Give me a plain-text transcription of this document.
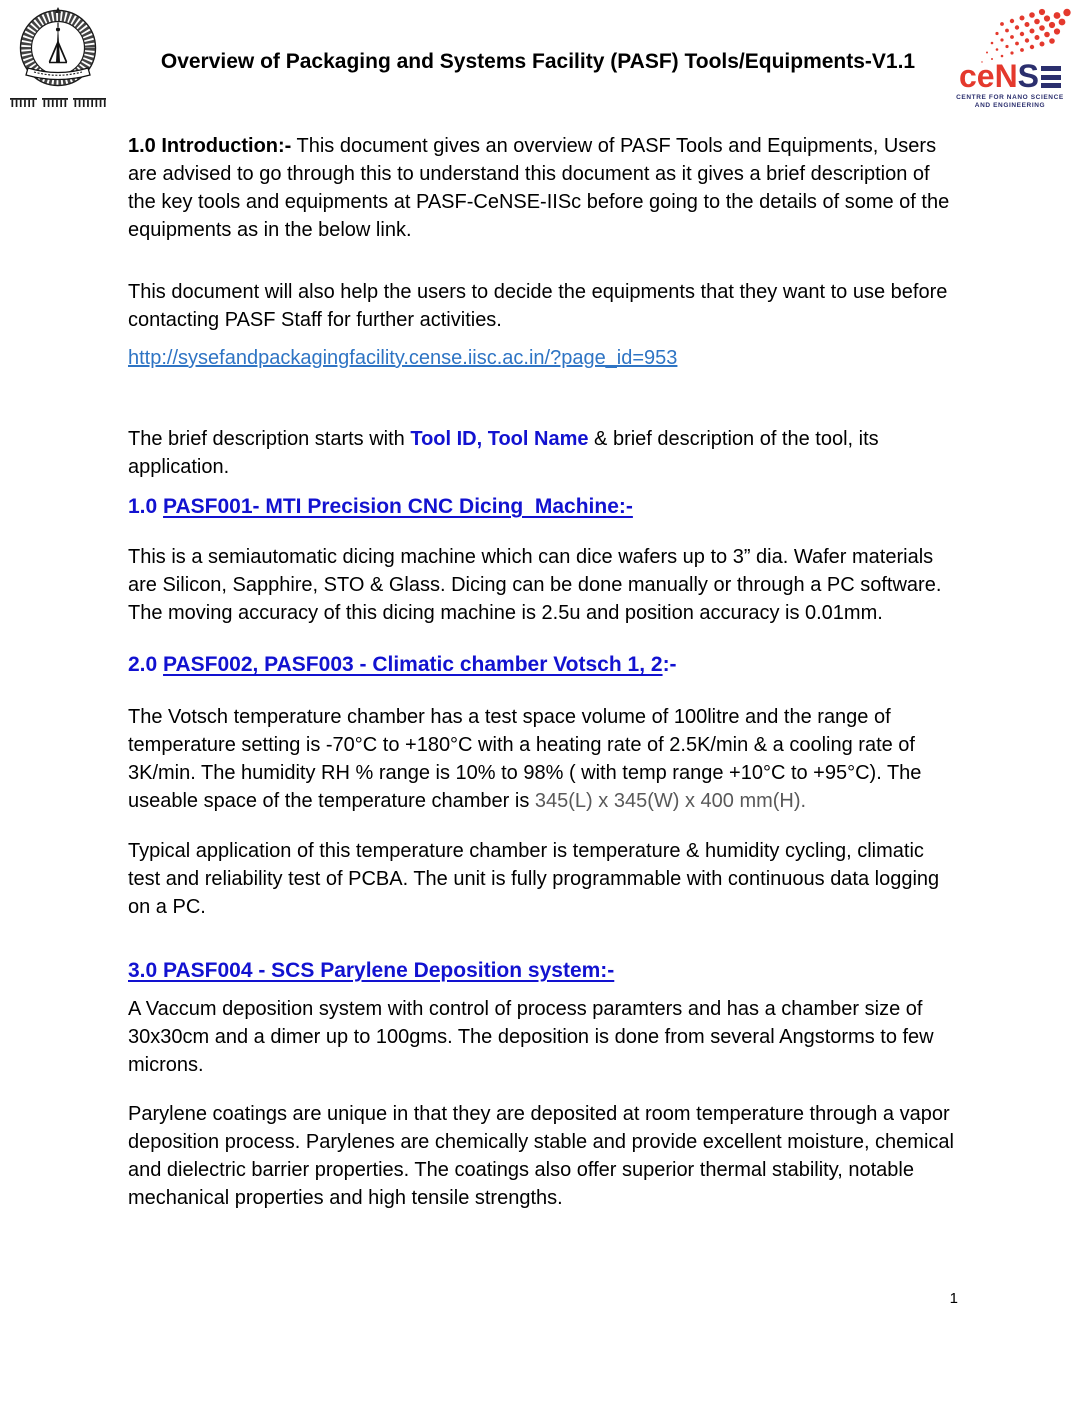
Overview of Packaging and Systems Facility (PASF) Tools/Equipments-V1.1	ceNS
CENTRE FOR NANO SCIENCE
AND ENGINEERING

1.0 Introduction:- This document gives an overview of PASF Tools and Equipments, Users are advised to go through this to understand this document as it gives a brief description of the key tools and equipments at PASF-CeNSE-IISc before going to the details of some of the equipments as in the below link.

This document will also help the users to decide the equipments that they want to use before contacting PASF Staff for further activities.

http://sysefandpackagingfacility.cense.iisc.ac.in/?page_id=953

The brief description starts with Tool ID, Tool Name & brief description of the tool, its application.

1.0 PASF001- MTI Precision CNC Dicing  Machine:-

This is a semiautomatic dicing machine which can dice wafers up to 3” dia. Wafer materials are Silicon, Sapphire, STO & Glass. Dicing can be done manually or through a PC software. The moving accuracy of this dicing machine is 2.5u and position accuracy is 0.01mm.

2.0 PASF002, PASF003 - Climatic chamber Votsch 1, 2:-

The Votsch temperature chamber has a test space volume of 100litre and the range of temperature setting is -70°C to +180°C with a heating rate of 2.5K/min & a cooling rate of 3K/min. The humidity RH % range is 10% to 98% ( with temp range +10°C to +95°C). The useable space of the temperature chamber is 345(L) x 345(W) x 400 mm(H).

Typical application of this temperature chamber is temperature & humidity cycling, climatic test and reliability test of PCBA. The unit is fully programmable with continuous data logging on a PC.

3.0 PASF004 - SCS Parylene Deposition system:-

A Vaccum deposition system with control of process paramters and has a chamber size of 30x30cm and a dimer up to 100gms. The deposition is done from several Angstorms to few microns.

Parylene coatings are unique in that they are deposited at room temperature through a vapor deposition process. Parylenes are chemically stable and provide excellent moisture, chemical and dielectric barrier properties. The coatings also offer superior thermal stability, notable mechanical properties and high tensile strengths.

1
